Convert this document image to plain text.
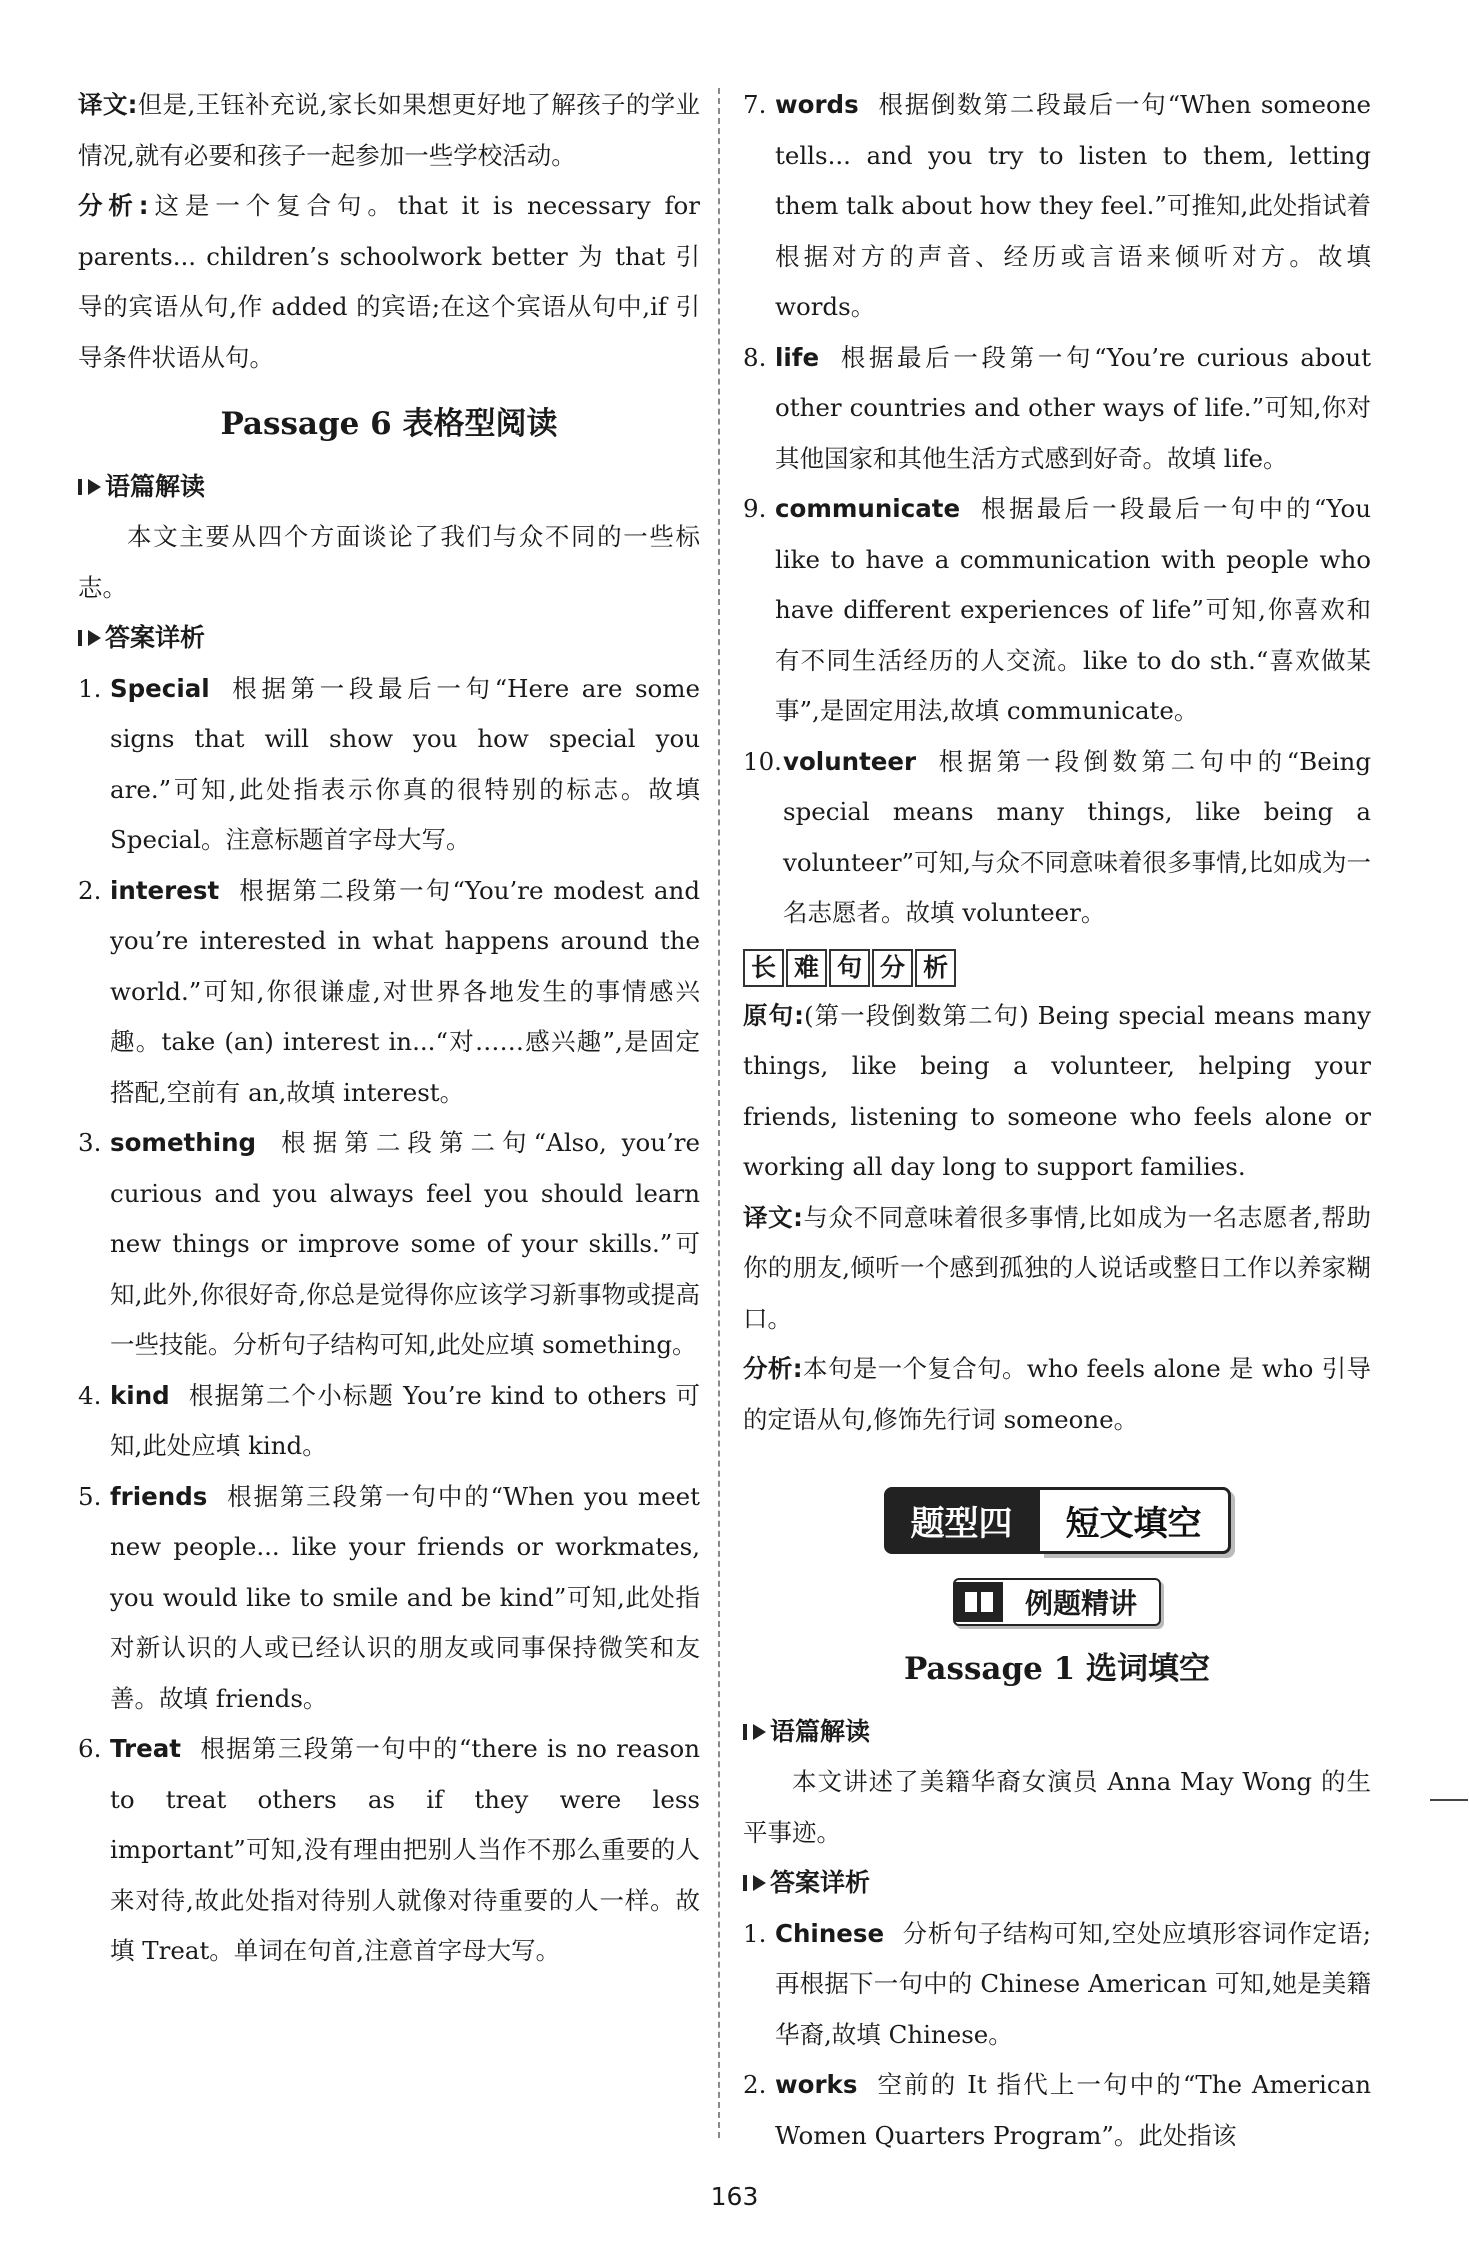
译文:但是,王钰补充说,家长如果想更好地了解孩子的学业情况,就有必要和孩子一起参加一些学校活动。

分析:这是一个复合句。that it is necessary for parents... children’s schoolwork better 为 that 引导的宾语从句,作 added 的宾语;在这个宾语从句中,if 引导条件状语从句。

Passage 6 表格型阅读
语篇解读

本文主要从四个方面谈论了我们与众不同的一些标志。

答案详析
1. Special 根据第一段最后一句“Here are some signs that will show you how special you are.”可知,此处指表示你真的很特别的标志。故填 Special。注意标题首字母大写。
2. interest 根据第二段第一句“You’re modest and you’re interested in what happens around the world.”可知,你很谦虚,对世界各地发生的事情感兴趣。take (an) interest in...“对……感兴趣”,是固定搭配,空前有 an,故填 interest。
3. something 根据第二段第二句“Also, you’re curious and you always feel you should learn new things or improve some of your skills.”可知,此外,你很好奇,你总是觉得你应该学习新事物或提高一些技能。分析句子结构可知,此处应填 something。
4. kind 根据第二个小标题 You’re kind to others 可知,此处应填 kind。
5. friends 根据第三段第一句中的“When you meet new people... like your friends or workmates, you would like to smile and be kind”可知,此处指对新认识的人或已经认识的朋友或同事保持微笑和友善。故填 friends。
6. Treat 根据第三段第一句中的“there is no reason to treat others as if they were less important”可知,没有理由把别人当作不那么重要的人来对待,故此处指对待别人就像对待重要的人一样。故填 Treat。单词在句首,注意首字母大写。
7. words 根据倒数第二段最后一句“When someone tells... and you try to listen to them, letting them talk about how they feel.”可推知,此处指试着根据对方的声音、经历或言语来倾听对方。故填 words。
8. life 根据最后一段第一句“You’re curious about other countries and other ways of life.”可知,你对其他国家和其他生活方式感到好奇。故填 life。
9. communicate 根据最后一段最后一句中的“You like to have a communication with people who have different experiences of life”可知,你喜欢和有不同生活经历的人交流。like to do sth.“喜欢做某事”,是固定用法,故填 communicate。
10. volunteer 根据第一段倒数第二句中的“Being special means many things, like being a volunteer”可知,与众不同意味着很多事情,比如成为一名志愿者。故填 volunteer。
长 难 句 分 析

原句:(第一段倒数第二句) Being special means many things, like being a volunteer, helping your friends, listening to someone who feels alone or working all day long to support families.

译文:与众不同意味着很多事情,比如成为一名志愿者,帮助你的朋友,倾听一个感到孤独的人说话或整日工作以养家糊口。

分析:本句是一个复合句。who feels alone 是 who 引导的定语从句,修饰先行词 someone。

题型四	短文填空
例题精讲
Passage 1 选词填空
语篇解读

本文讲述了美籍华裔女演员 Anna May Wong 的生平事迹。

答案详析
1. Chinese 分析句子结构可知,空处应填形容词作定语;再根据下一句中的 Chinese American 可知,她是美籍华裔,故填 Chinese。
2. works 空前的 It 指代上一句中的“The American Women Quarters Program”。此处指该
163
